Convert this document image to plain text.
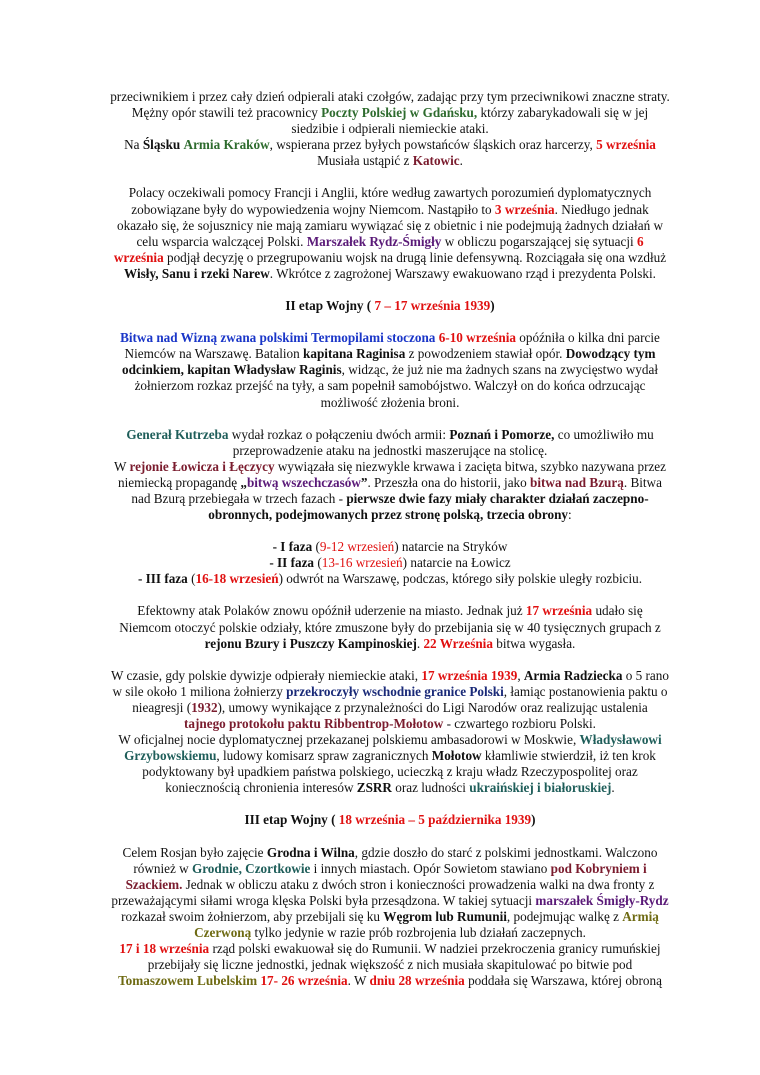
przeciwnikiem i przez cały dzień odpierali ataki czołgów, zadając przy tym przeciwnikowi znaczne straty. Mężny opór stawili też pracownicy Poczty Polskiej w Gdańsku, którzy zabarykadowali się w jej siedzibie i odpierali niemieckie ataki.

Na Śląsku Armia Kraków, wspierana przez byłych powstańców śląskich oraz harcerzy, 5 września Musiała ustąpić z Katowic.

Polacy oczekiwali pomocy Francji i Anglii, które według zawartych porozumień dyplomatycznych zobowiązane były do wypowiedzenia wojny Niemcom. Nastąpiło to 3 września. Niedługo jednak okazało się, że sojusznicy nie mają zamiaru wywiązać się z obietnic i nie podejmują żadnych działań w celu wsparcia walczącej Polski. Marszałek Rydz-Śmigły w obliczu pogarszającej się sytuacji 6 września podjął decyzję o przegrupowaniu wojsk na drugą linie defensywną. Rozciągała się ona wzdłuż Wisły, Sanu i rzeki Narew. Wkrótce z zagrożonej Warszawy ewakuowano rząd i prezydenta Polski.

II etap Wojny ( 7 – 17 września 1939)

Bitwa nad Wizną zwana polskimi Termopilami stoczona 6-10 września opóźniła o kilka dni parcie Niemców na Warszawę. Batalion kapitana Raginisa z powodzeniem stawiał opór. Dowodzący tym odcinkiem, kapitan Władysław Raginis, widząc, że już nie ma żadnych szans na zwycięstwo wydał żołnierzom rozkaz przejść na tyły, a sam popełnił samobójstwo. Walczył on do końca odrzucając możliwość złożenia broni.

Generał Kutrzeba wydał rozkaz o połączeniu dwóch armii: Poznań i Pomorze, co umożliwiło mu przeprowadzenie ataku na jednostki maszerujące na stolicę.

W rejonie Łowicza i Łęczycy wywiązała się niezwykle krwawa i zacięta bitwa, szybko nazywana przez niemiecką propagandę „bitwą wszechczasów”. Przeszła ona do historii, jako bitwa nad Bzurą. Bitwa nad Bzurą przebiegała w trzech fazach - pierwsze dwie fazy miały charakter działań zaczepno-obronnych, podejmowanych przez stronę polską, trzecia obrony:

- I faza (9-12 wrzesień) natarcie na Stryków

- II faza (13-16 wrzesień) natarcie na Łowicz

- III faza (16-18 wrzesień) odwrót na Warszawę, podczas, którego siły polskie uległy rozbiciu.

Efektowny atak Polaków znowu opóźnił uderzenie na miasto. Jednak już 17 września udało się Niemcom otoczyć polskie odziały, które zmuszone były do przebijania się w 40 tysięcznych grupach z rejonu Bzury i Puszczy Kampinoskiej. 22 Września bitwa wygasła.

W czasie, gdy polskie dywizje odpierały niemieckie ataki, 17 września 1939, Armia Radziecka o 5 rano w sile około 1 miliona żołnierzy przekroczyły wschodnie granice Polski, łamiąc postanowienia paktu o nieagresji (1932), umowy wynikające z przynależności do Ligi Narodów oraz realizując ustalenia tajnego protokołu paktu Ribbentrop-Mołotow - czwartego rozbioru Polski.

W oficjalnej nocie dyplomatycznej przekazanej polskiemu ambasadorowi w Moskwie, Władysławowi Grzybowskiemu, ludowy komisarz spraw zagranicznych Mołotow kłamliwie stwierdził, iż ten krok podyktowany był upadkiem państwa polskiego, ucieczką z kraju władz Rzeczypospolitej oraz koniecznością chronienia interesów ZSRR oraz ludności ukraińskiej i białoruskiej.

III etap Wojny ( 18 września – 5 października 1939)

Celem Rosjan było zajęcie Grodna i Wilna, gdzie doszło do starć z polskimi jednostkami. Walczono również w Grodnie, Czortkowie i innych miastach. Opór Sowietom stawiano pod Kobryniem i Szackiem. Jednak w obliczu ataku z dwóch stron i konieczności prowadzenia walki na dwa fronty z przeważającymi siłami wroga klęska Polski była przesądzona. W takiej sytuacji marszałek Śmigły-Rydz rozkazał swoim żołnierzom, aby przebijali się ku Węgrom lub Rumunii, podejmując walkę z Armią Czerwoną tylko jedynie w razie prób rozbrojenia lub działań zaczepnych.

17 i 18 września rząd polski ewakuował się do Rumunii. W nadziei przekroczenia granicy rumuńskiej przebijały się liczne jednostki, jednak większość z nich musiała skapitulować po bitwie pod Tomaszowem Lubelskim 17- 26 września. W dniu 28 września poddała się Warszawa, której obroną
